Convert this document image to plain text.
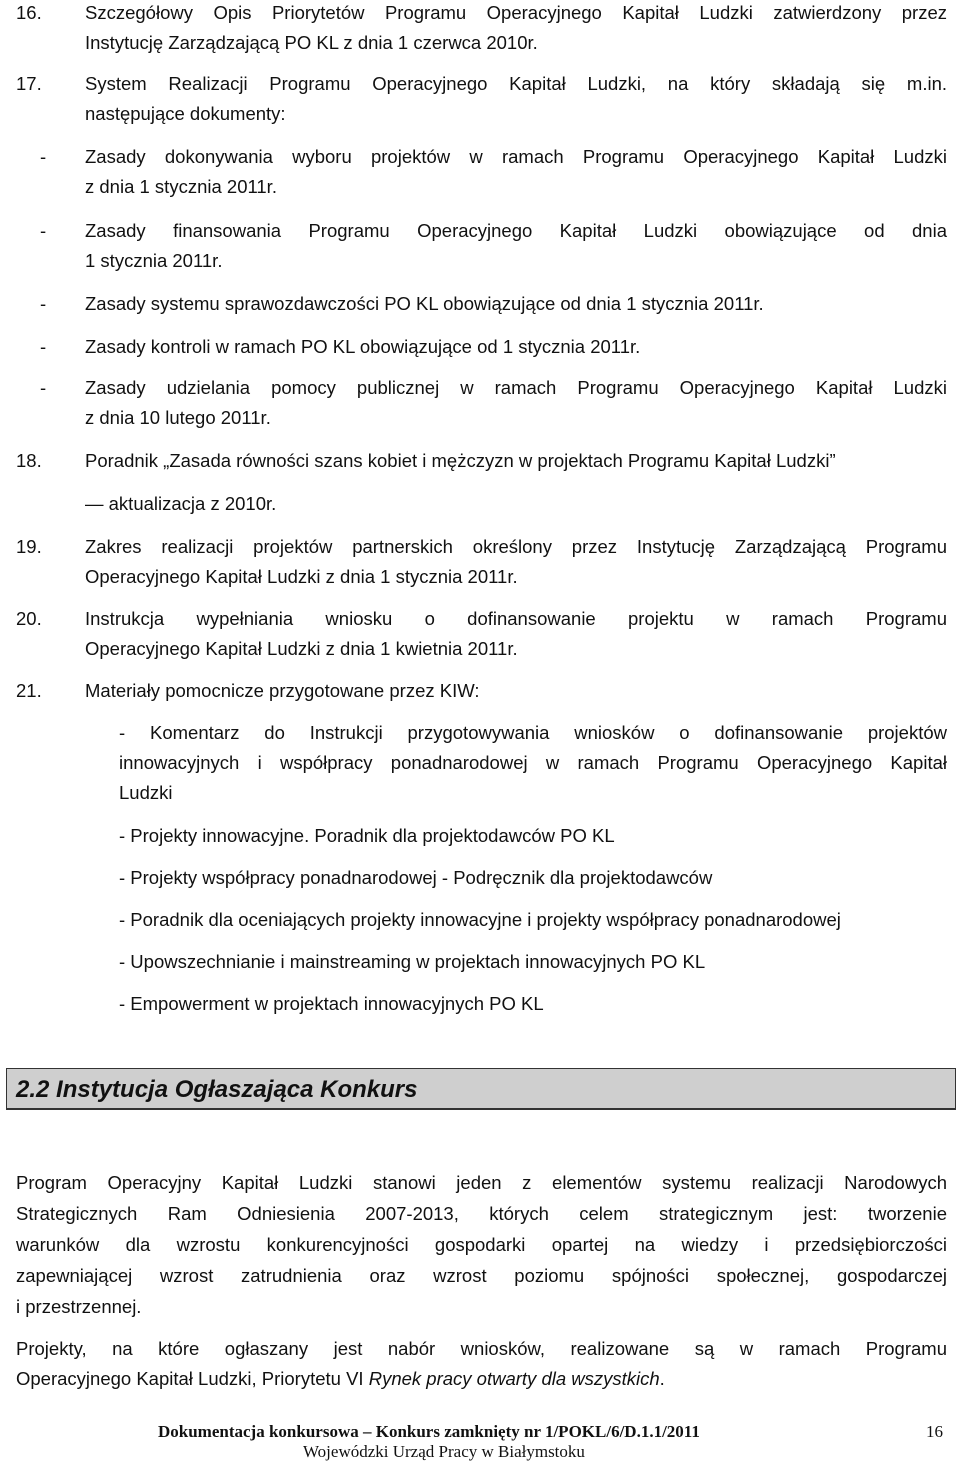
16. Szczegółowy Opis Priorytetów Programu Operacyjnego Kapitał Ludzki zatwierdzony przez
Instytucję Zarządzającą PO KL z dnia 1 czerwca 2010r.
17. System Realizacji Programu Operacyjnego Kapitał Ludzki, na który składają się m.in.
następujące dokumenty:
- Zasady dokonywania wyboru projektów w ramach Programu Operacyjnego Kapitał Ludzki
z dnia 1 stycznia 2011r.
- Zasady finansowania Programu Operacyjnego Kapitał Ludzki obowiązujące od dnia
1 stycznia 2011r.
- Zasady systemu sprawozdawczości PO KL obowiązujące od dnia 1 stycznia 2011r.
- Zasady kontroli w ramach PO KL obowiązujące od 1 stycznia 2011r.
- Zasady udzielania pomocy publicznej w ramach Programu Operacyjnego Kapitał Ludzki
z dnia 10 lutego 2011r.
18. Poradnik „Zasada równości szans kobiet i mężczyzn w projektach Programu Kapitał Ludzki”
— aktualizacja z 2010r.
19. Zakres realizacji projektów partnerskich określony przez Instytucję Zarządzającą Programu
Operacyjnego Kapitał Ludzki z dnia 1 stycznia 2011r.
20. Instrukcja wypełniania wniosku o dofinansowanie projektu w ramach Programu
Operacyjnego Kapitał Ludzki z dnia 1 kwietnia 2011r.
21. Materiały pomocnicze przygotowane przez KIW:
- Komentarz do Instrukcji przygotowywania wniosków o dofinansowanie projektów
innowacyjnych i współpracy ponadnarodowej w ramach Programu Operacyjnego Kapitał
Ludzki
- Projekty innowacyjne. Poradnik dla projektodawców PO KL
- Projekty współpracy ponadnarodowej - Podręcznik dla projektodawców
- Poradnik dla oceniających projekty innowacyjne i projekty współpracy ponadnarodowej
- Upowszechnianie i mainstreaming w projektach innowacyjnych PO KL
- Empowerment w projektach innowacyjnych PO KL
2.2 Instytucja Ogłaszająca Konkurs
Program Operacyjny Kapitał Ludzki stanowi jeden z elementów systemu realizacji Narodowych
Strategicznych Ram Odniesienia 2007-2013, których celem strategicznym jest: tworzenie
warunków dla wzrostu konkurencyjności gospodarki opartej na wiedzy i przedsiębiorczości
zapewniającej wzrost zatrudnienia oraz wzrost poziomu spójności społecznej, gospodarczej
i przestrzennej.
Projekty, na które ogłaszany jest nabór wniosków, realizowane są w ramach Programu
Operacyjnego Kapitał Ludzki, Priorytetu VI Rynek pracy otwarty dla wszystkich.
Dokumentacja konkursowa – Konkurs zamknięty nr 1/POKL/6/D.1.1/2011	16
Wojewódzki Urząd Pracy w Białymstoku
